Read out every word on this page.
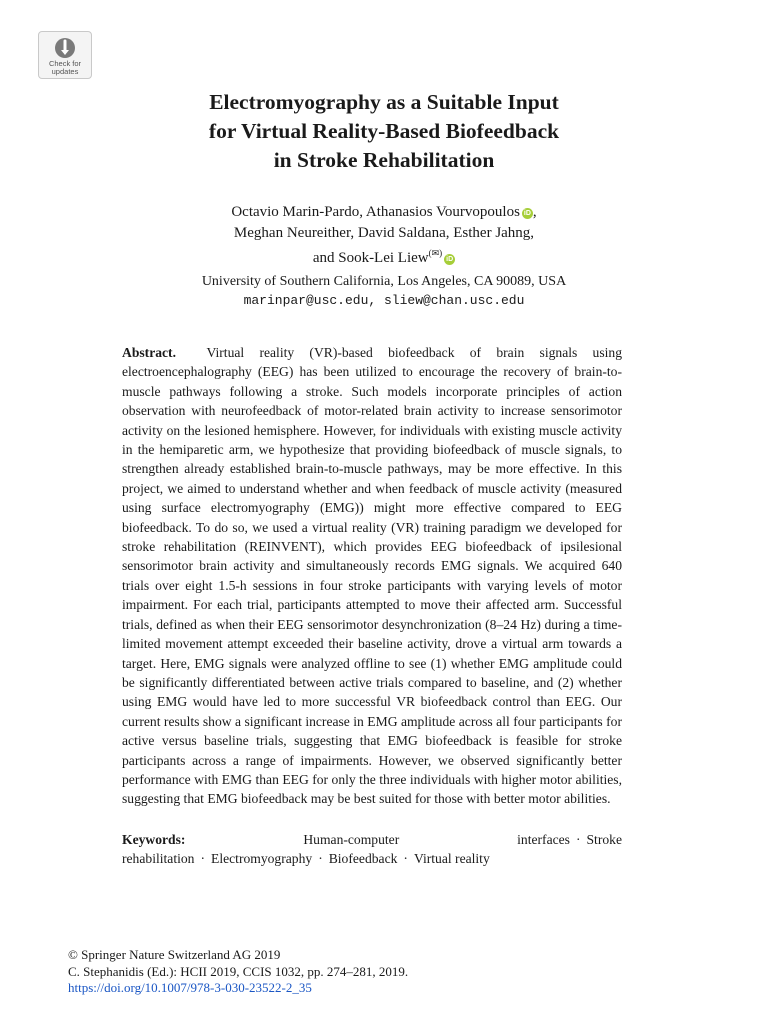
Check for
updates
Electromyography as a Suitable Input
for Virtual Reality-Based Biofeedback
in Stroke Rehabilitation
Octavio Marin-Pardo, Athanasios Vourvopoulos iD ,
Meghan Neureither, David Saldana, Esther Jahng,
and Sook-Lei Liew(✉)iD
University of Southern California, Los Angeles, CA 90089, USA
marinpar@usc.edu, sliew@chan.usc.edu

Abstract. Virtual reality (VR)-based biofeedback of brain signals using electroencephalography (EEG) has been utilized to encourage the recovery of brain-to-muscle pathways following a stroke. Such models incorporate principles of action observation with neurofeedback of motor-related brain activity to increase sensorimotor activity on the lesioned hemisphere. However, for individuals with existing muscle activity in the hemiparetic arm, we hypothesize that providing biofeedback of muscle signals, to strengthen already established brain-to-muscle pathways, may be more effective. In this project, we aimed to understand whether and when feedback of muscle activity (measured using surface electromyography (EMG)) might more effective compared to EEG biofeedback. To do so, we used a virtual reality (VR) training paradigm we developed for stroke rehabilitation (REINVENT), which provides EEG biofeedback of ipsilesional sensorimotor brain activity and simultaneously records EMG signals. We acquired 640 trials over eight 1.5-h sessions in four stroke participants with varying levels of motor impairment. For each trial, participants attempted to move their affected arm. Successful trials, defined as when their EEG sensorimotor desynchronization (8–24 Hz) during a time-limited movement attempt exceeded their baseline activity, drove a virtual arm towards a target. Here, EMG signals were analyzed offline to see (1) whether EMG amplitude could be significantly differentiated between active trials compared to baseline, and (2) whether using EMG would have led to more successful VR biofeedback control than EEG. Our current results show a significant increase in EMG amplitude across all four participants for active versus baseline trials, suggesting that EMG biofeedback is feasible for stroke participants across a range of impairments. However, we observed significantly better performance with EMG than EEG for only the three individuals with higher motor abilities, suggesting that EMG biofeedback may be best suited for those with better motor abilities.

Keywords:	Human-computer interfaces · Stroke rehabilitation · Electromyography · Biofeedback · Virtual reality

© Springer Nature Switzerland AG 2019
C. Stephanidis (Ed.): HCII 2019, CCIS 1032, pp. 274–281, 2019.
https://doi.org/10.1007/978-3-030-23522-2_35
